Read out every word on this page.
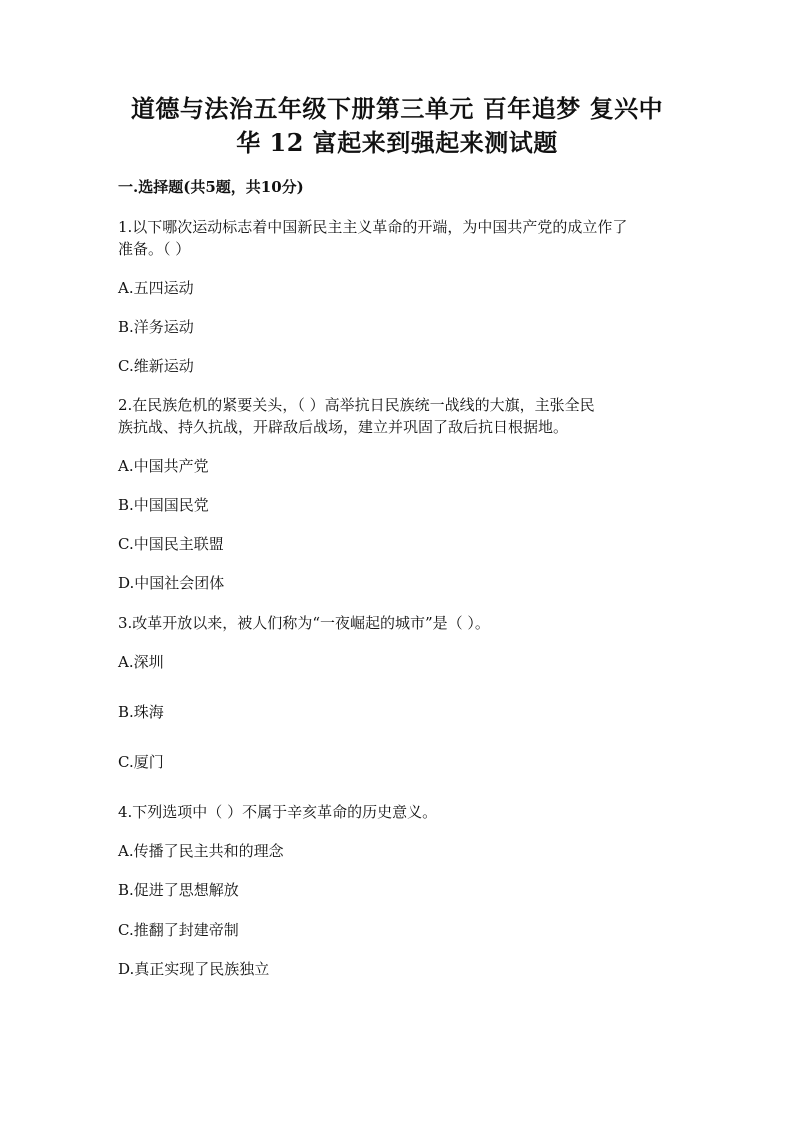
道德与法治五年级下册第三单元 百年追梦 复兴中
华 12 富起来到强起来测试题
一.选择题(共5题，共10分)
1.以下哪次运动标志着中国新民主主义革命的开端，为中国共产党的成立作了
准备。（ ）
A.五四运动
B.洋务运动
C.维新运动
2.在民族危机的紧要关头，（ ）高举抗日民族统一战线的大旗，主张全民
族抗战、持久抗战，开辟敌后战场，建立并巩固了敌后抗日根据地。
A.中国共产党
B.中国国民党
C.中国民主联盟
D.中国社会团体
3.改革开放以来，被人们称为“一夜崛起的城市”是（ ）。
A.深圳
B.珠海
C.厦门
4.下列选项中（ ）不属于辛亥革命的历史意义。
A.传播了民主共和的理念
B.促进了思想解放
C.推翻了封建帝制
D.真正实现了民族独立
